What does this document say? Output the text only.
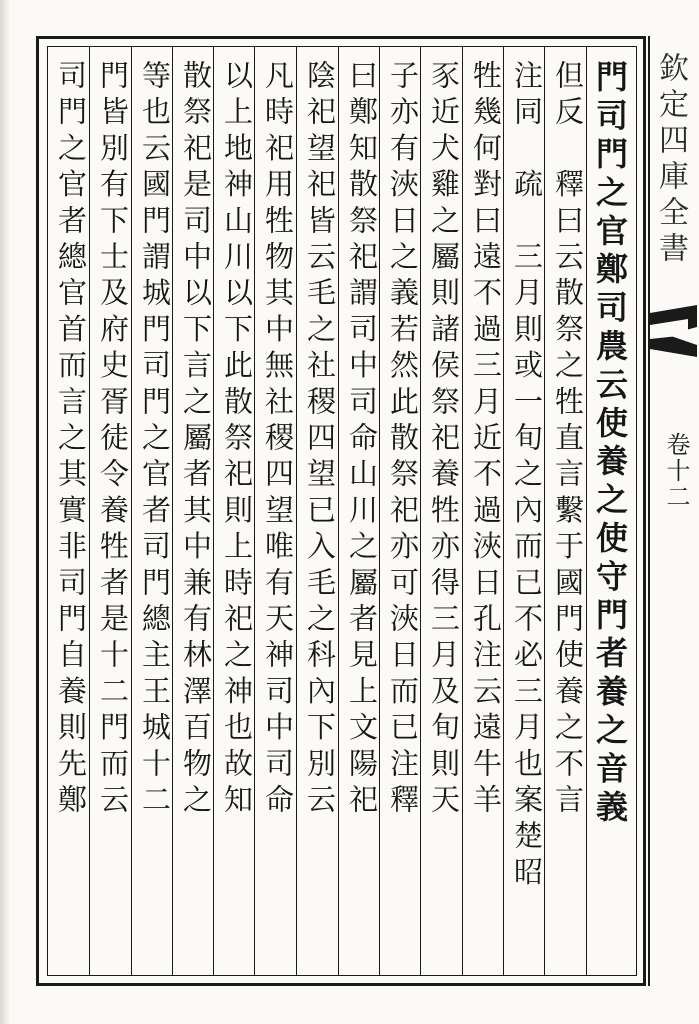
門司門之官鄭司農云使養之使守門者養之音義
但反　釋曰云散祭之牲直言繫于國門使養之不言
注同　疏　三月則或一旬之內而已不必三月也案楚昭
牲幾何對曰遠不過三月近不過浹日孔注云遠牛羊
豕近犬雞之屬則諸侯祭祀養牲亦得三月及旬則天
子亦有浹日之義若然此散祭祀亦可浹日而已注釋
曰鄭知散祭祀謂司中司命山川之屬者見上文陽祀
陰祀望祀皆云毛之社稷四望已入毛之科內下別云
凡時祀用牲物其中無社稷四望唯有天神司中司命
以上地神山川以下此散祭祀則上時祀之神也故知
散祭祀是司中以下言之屬者其中兼有林澤百物之
等也云國門謂城門司門之官者司門總主王城十二
門皆別有下士及府史胥徒令養牲者是十二門而云
司門之官者總官首而言之其實非司門自養則先鄭	欽定四庫全書
卷十二
